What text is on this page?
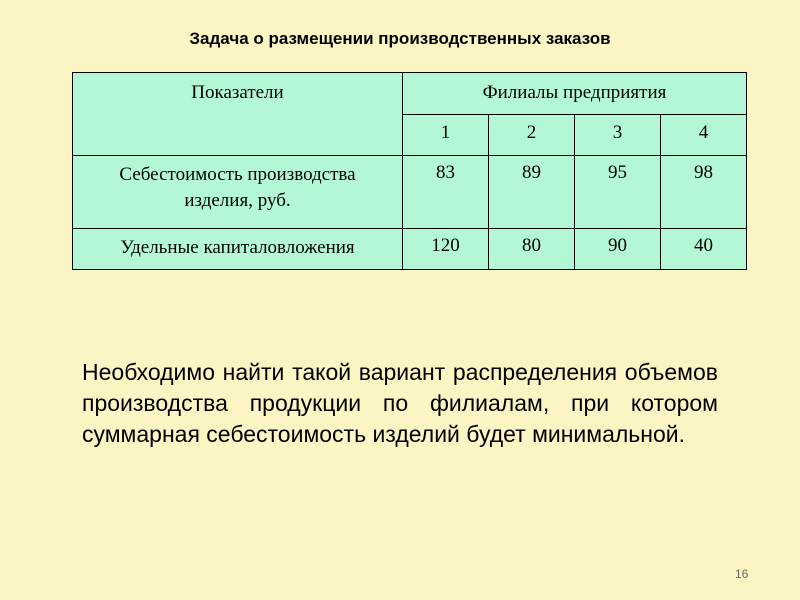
Задача о размещении производственных заказов
Показатели	Филиалы предприятия			
	1	2	3	4
Себестоимость производства
изделия, руб.	83	89	95	98
Удельные капиталовложения	120	80	90	40

Необходимо найти такой вариант распределения объемов производства продукции по филиалам, при котором суммарная себестоимость изделий будет минимальной.

16
